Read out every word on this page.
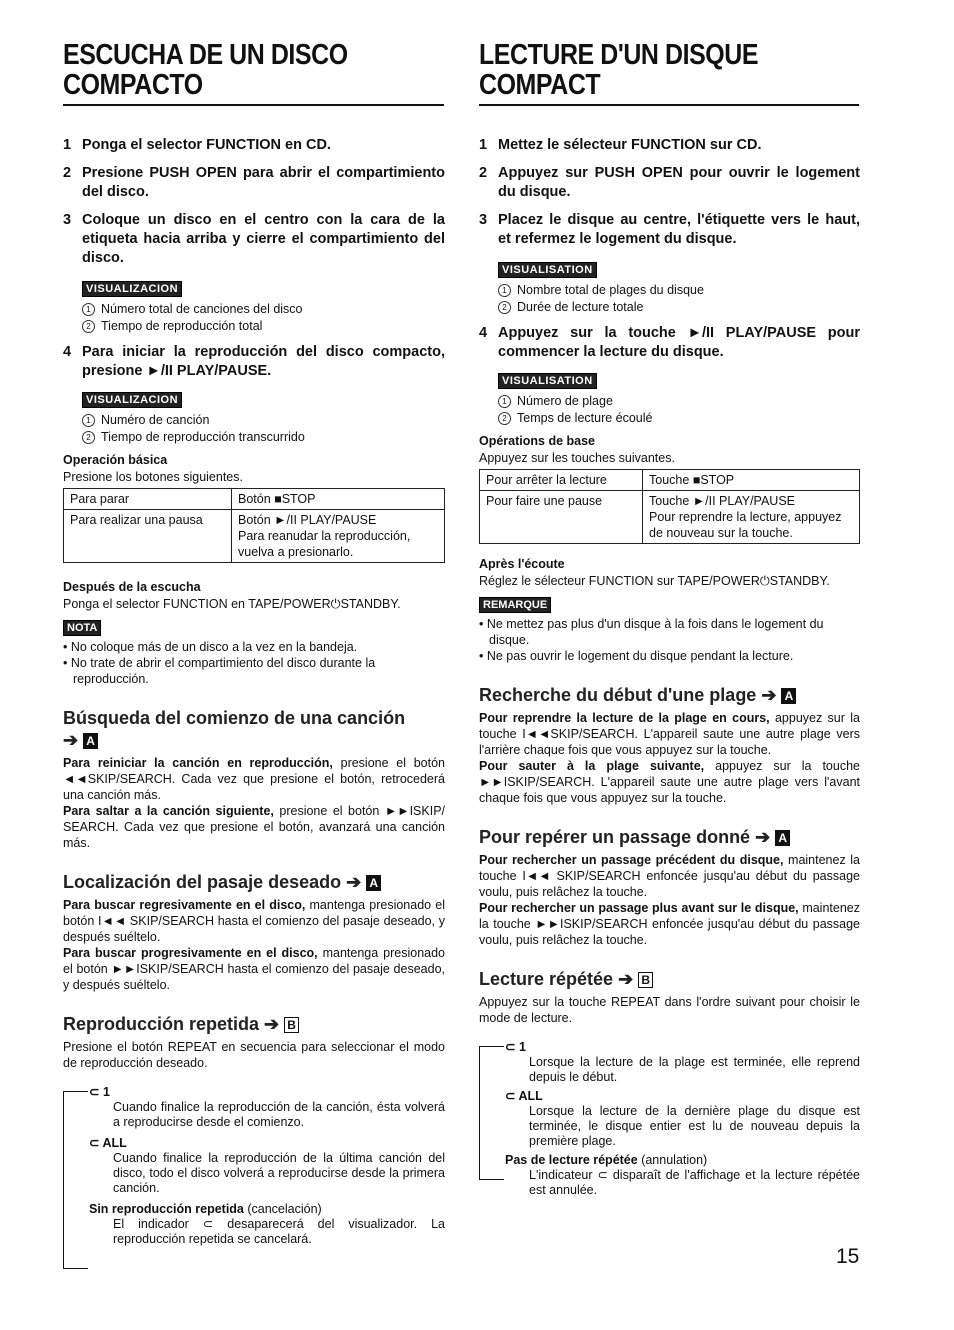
ESCUCHA DE UN DISCO
COMPACTO
1 Ponga el selector FUNCTION en CD.
2 Presione PUSH OPEN para abrir el compartimiento del disco.
3 Coloque un disco en el centro con la cara de la etiqueta hacia arriba y cierre el compartimiento del disco.
VISUALIZACION
1 Número total de canciones del disco
2 Tiempo de reproducción total
4 Para iniciar la reproducción del disco compacto, presione ►/II PLAY/PAUSE.
VISUALIZACION
1 Numéro de canción
2 Tiempo de reproducción transcurrido
Operación básica
Presione los botones siguientes.
Para parar	Botón ■STOP
Para realizar una pausa	Botón ►/II PLAY/PAUSE
Para reanudar la reproducción, vuelva a presionarlo.
Después de la escucha
Ponga el selector FUNCTION en TAPE/POWER⏻STANDBY.
NOTA
• No coloque más de un disco a la vez en la bandeja.
• No trate de abrir el compartimiento del disco durante la reproducción.
Búsqueda del comienzo de una canción
➔ A
Para reiniciar la canción en reproducción, presione el botón ◄◄SKIP/SEARCH. Cada vez que presione el botón, retrocederá una canción más.
Para saltar a la canción siguiente, presione el botón ►►ISKIP/ SEARCH. Cada vez que presione el botón, avanzará una canción más.
Localización del pasaje deseado ➔ A
Para buscar regresivamente en el disco, mantenga presionado el botón I◄◄ SKIP/SEARCH hasta el comienzo del pasaje deseado, y después suéltelo.
Para buscar progresivamente en el disco, mantenga presionado el botón ►►ISKIP/SEARCH hasta el comienzo del pasaje deseado, y después suéltelo.
Reproducción repetida ➔ B
Presione el botón REPEAT en secuencia para seleccionar el modo de reproducción deseado.
⊂ 1
Cuando finalice la reproducción de la canción, ésta volverá a reproducirse desde el comienzo.
⊂ ALL
Cuando finalice la reproducción de la última canción del disco, todo el disco volverá a reproducirse desde la primera canción.
Sin reproducción repetida (cancelación)
El indicador ⊂ desaparecerá del visualizador. La reproducción repetida se cancelará.
LECTURE D'UN DISQUE COMPACT
1 Mettez le sélecteur FUNCTION sur CD.
2 Appuyez sur PUSH OPEN pour ouvrir le logement du disque.
3 Placez le disque au centre, l'étiquette vers le haut, et refermez le logement du disque.
VISUALISATION
1 Nombre total de plages du disque
2 Durée de lecture totale
4 Appuyez sur la touche ►/II PLAY/PAUSE pour commencer la lecture du disque.
VISUALISATION
1 Número de plage
2 Temps de lecture écoulé
Opérations de base
Appuyez sur les touches suivantes.
Pour arrêter la lecture	Touche ■STOP
Pour faire une pause	Touche ►/II PLAY/PAUSE
Pour reprendre la lecture, appuyez de nouveau sur la touche.
Après l'écoute
Réglez le sélecteur FUNCTION sur TAPE/POWER⏻STANDBY.
REMARQUE
• Ne mettez pas plus d'un disque à la fois dans le logement du disque.
• Ne pas ouvrir le logement du disque pendant la lecture.
Recherche du début d'une plage ➔ A
Pour reprendre la lecture de la plage en cours, appuyez sur la touche I◄◄SKIP/SEARCH. L'appareil saute une autre plage vers l'arrière chaque fois que vous appuyez sur la touche.
Pour sauter à la plage suivante, appuyez sur la touche ►►ISKIP/SEARCH. L'appareil saute une autre plage vers l'avant chaque fois que vous appuyez sur la touche.
Pour repérer un passage donné ➔ A
Pour rechercher un passage précédent du disque, maintenez la touche I◄◄ SKIP/SEARCH enfoncée jusqu'au début du passage voulu, puis relâchez la touche.
Pour rechercher un passage plus avant sur le disque, maintenez la touche ►►ISKIP/SEARCH enfoncée jusqu'au début du passage voulu, puis relâchez la touche.
Lecture répétée ➔ B
Appuyez sur la touche REPEAT dans l'ordre suivant pour choisir le mode de lecture.
⊂ 1
Lorsque la lecture de la plage est terminée, elle reprend depuis le début.
⊂ ALL
Lorsque la lecture de la dernière plage du disque est terminée, le disque entier est lu de nouveau depuis la première plage.
Pas de lecture répétée (annulation)
L'indicateur ⊂ disparaît de l'affichage et la lecture répétée est annulée.
15
